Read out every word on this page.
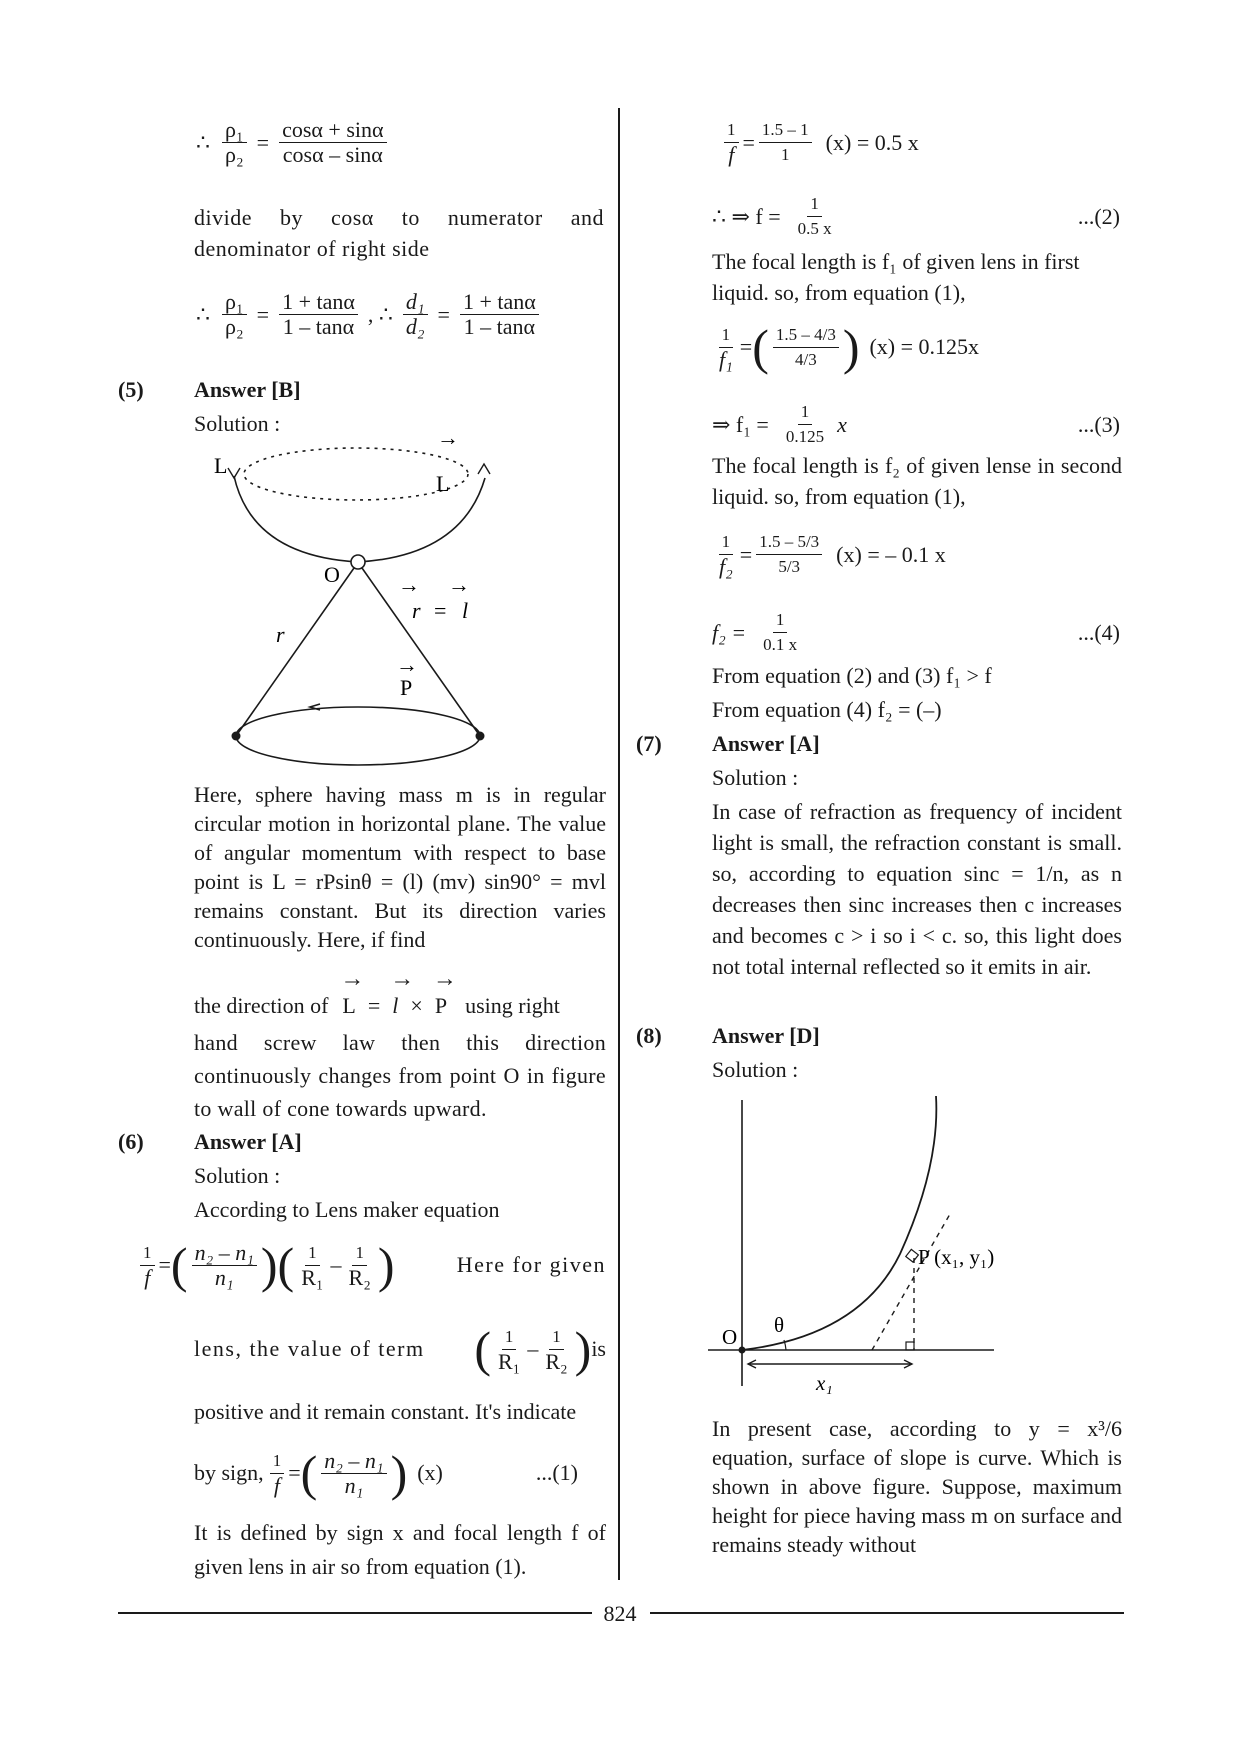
∴ $\frac{\text{ρ₁}}{\text{ρ₂}} = \frac{\cos\alpha + \sin\alpha}{\cos\alpha - \sin\alpha}$
divide by cosα to numerator and denominator of right side
∴ $\frac{\text{ρ₁}}{\text{ρ₂}} = \frac{1 + \tan\alpha}{1 - \tan\alpha}$ , ∴ $\frac{\text{d₁}}{\text{d₂}} = \frac{1 + \tan\alpha}{1 - \tan\alpha}$
(5) Answer [B]
Solution :
L
→
L
O	→ →
r = l
r
→
P
Here, sphere having mass m is in regular circular motion in horizontal plane. The value of angular momentum with respect to base point is L = rPsinθ = (l) (mv) sin90° = mvl remains constant. But its direction varies continuously. Here, if find
the direction of → L = → l × → P using right
hand screw law then this direction continuously changes from point O in figure to wall of cone towards upward.
(6) Answer [A]
Solution :
According to Lens maker equation
$\frac{1}{f}$ = ( $\frac{\text{n₂ – n₁}}{\text{n₁}}$ )( $\frac{1}{\text{R₁}} - \frac{1}{\text{R₂}}$ )	Here for given
lens, the value of term ( $\frac{1}{\text{R₁}} - \frac{1}{\text{R₂}}$ ) is
positive and it remain constant. It's indicate
by sign, $\frac{1}{f}$ = ( $\frac{\text{n₂ – n₁}}{\text{n₁}}$ ) (x)	...(1)
It is defined by sign x and focal length f of given lens in air so from equation (1).
$\frac{1}{f} = \frac{1.5 - 1}{1} (x) = 0.5$ x
∴ ⇒ $f = \frac{1}{0.5 x}$	...(2)
The focal length is f₁ of given lens in first liquid. so, from equation (1),
$\frac{1}{\text{f₁}}$ = ( $\frac{1.5 - 4/3}{4/3}$ ) (x) = 0.125x
⇒ $f_1 = \frac{1}{0.125}$ x	...(3)
The focal length is f₂ of given lense in second liquid. so, from equation (1),
$\frac{1}{\text{f₂}} = \frac{1.5 - 5/3}{5/3} (x)$ = – 0.1 x
$f_2 = \frac{1}{0.1 x}$	...(4)
From equation (2) and (3) f₁ > f
From equation (4) f₂ = (–)
(7) Answer [A]
Solution :
In case of refraction as frequency of incident light is small, the refraction constant is small. so, according to equation sinc = 1/n, as n decreases then sinc increases then c increases and becomes c > i so i < c. so, this light does not total internal reflected so it emits in air.
(8) Answer [D]
Solution :
P (x₁, y₁)
O θ
x₁
In present case, according to y = x³/6 equation, surface of slope is curve. Which is shown in above figure. Suppose, maximum height for piece having mass m on surface and remains steady without
824
